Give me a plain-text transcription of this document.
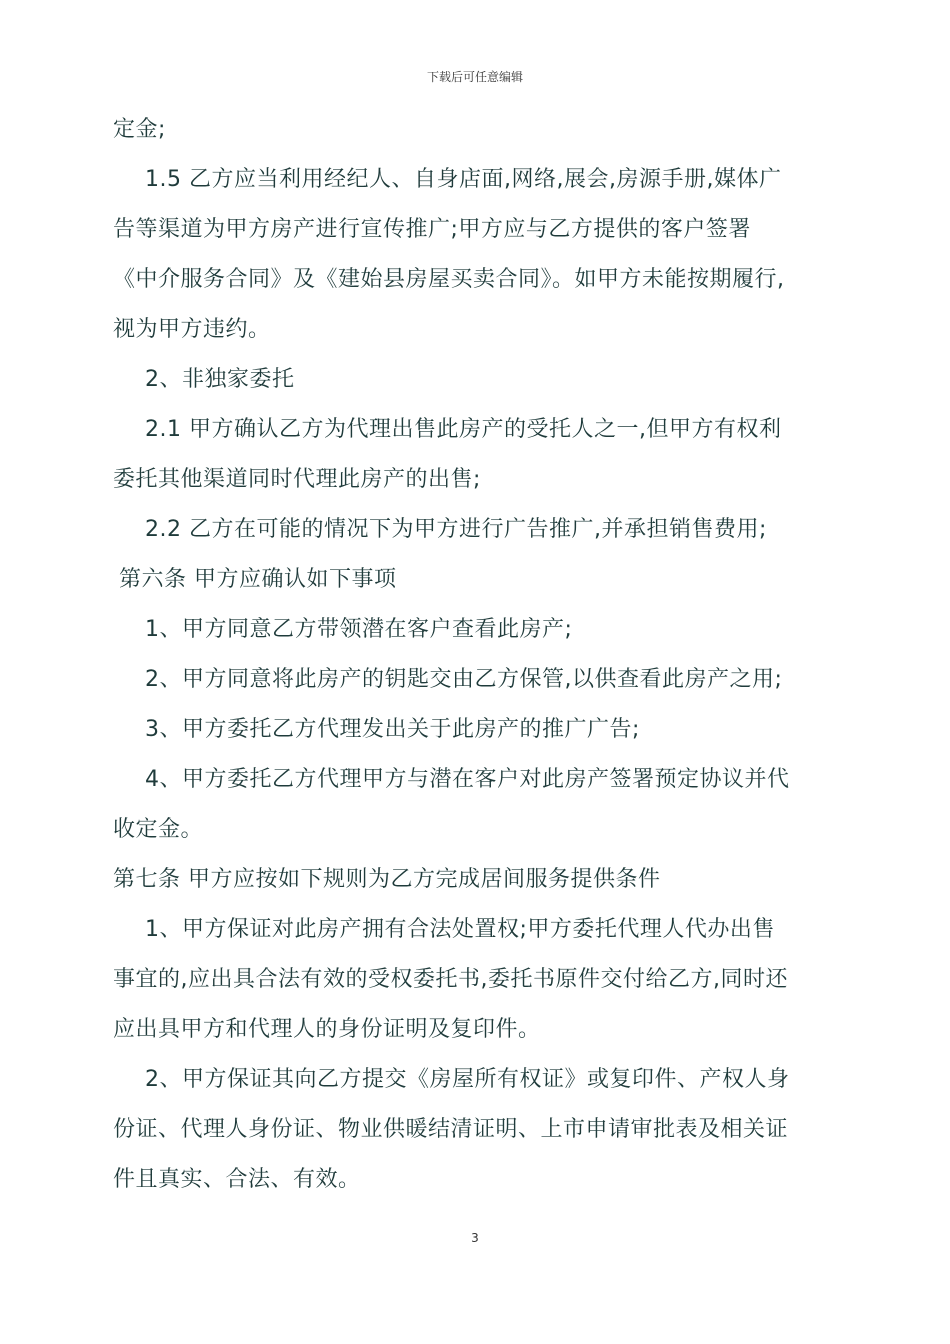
下载后可任意编辑
定金;
1.5 乙方应当利用经纪人、自身店面,网络,展会,房源手册,媒体广
告等渠道为甲方房产进行宣传推广;甲方应与乙方提供的客户签署
《中介服务合同》及《建始县房屋买卖合同》。如甲方未能按期履行,
视为甲方违约。
2、非独家委托
2.1 甲方确认乙方为代理出售此房产的受托人之一,但甲方有权利
委托其他渠道同时代理此房产的出售;
2.2 乙方在可能的情况下为甲方进行广告推广,并承担销售费用;
第六条 甲方应确认如下事项
1、甲方同意乙方带领潜在客户查看此房产;
2、甲方同意将此房产的钥匙交由乙方保管,以供查看此房产之用;
3、甲方委托乙方代理发出关于此房产的推广广告;
4、甲方委托乙方代理甲方与潜在客户对此房产签署预定协议并代
收定金。
第七条 甲方应按如下规则为乙方完成居间服务提供条件
1、甲方保证对此房产拥有合法处置权;甲方委托代理人代办出售
事宜的,应出具合法有效的受权委托书,委托书原件交付给乙方,同时还
应出具甲方和代理人的身份证明及复印件。
2、甲方保证其向乙方提交《房屋所有权证》或复印件、产权人身
份证、代理人身份证、物业供暖结清证明、上市申请审批表及相关证
件且真实、合法、有效。
3
